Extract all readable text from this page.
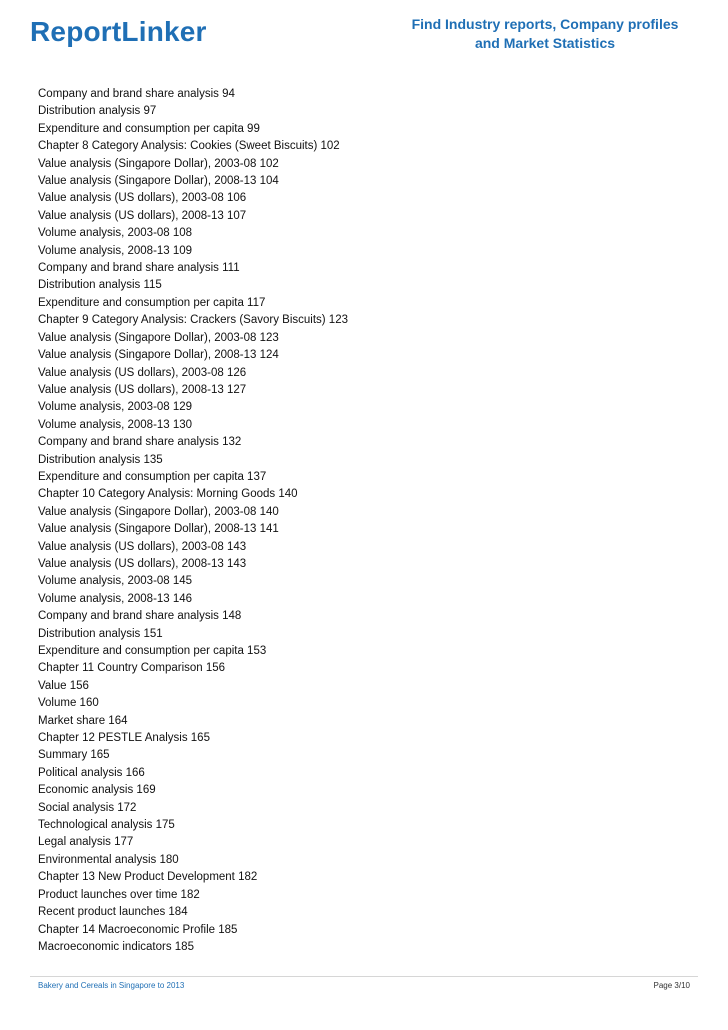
ReportLinker	Find Industry reports, Company profiles
and Market Statistics
Company and brand share analysis 94
Distribution analysis 97
Expenditure and consumption per capita 99
Chapter 8 Category Analysis: Cookies (Sweet Biscuits) 102
Value analysis (Singapore Dollar), 2003-08 102
Value analysis (Singapore Dollar), 2008-13 104
Value analysis (US dollars), 2003-08 106
Value analysis (US dollars), 2008-13 107
Volume analysis, 2003-08 108
Volume analysis, 2008-13 109
Company and brand share analysis 111
Distribution analysis 115
Expenditure and consumption per capita 117
Chapter 9 Category Analysis: Crackers (Savory Biscuits) 123
Value analysis (Singapore Dollar), 2003-08 123
Value analysis (Singapore Dollar), 2008-13 124
Value analysis (US dollars), 2003-08 126
Value analysis (US dollars), 2008-13 127
Volume analysis, 2003-08 129
Volume analysis, 2008-13 130
Company and brand share analysis 132
Distribution analysis 135
Expenditure and consumption per capita 137
Chapter 10 Category Analysis: Morning Goods 140
Value analysis (Singapore Dollar), 2003-08 140
Value analysis (Singapore Dollar), 2008-13 141
Value analysis (US dollars), 2003-08 143
Value analysis (US dollars), 2008-13 143
Volume analysis, 2003-08 145
Volume analysis, 2008-13 146
Company and brand share analysis 148
Distribution analysis 151
Expenditure and consumption per capita 153
Chapter 11 Country Comparison 156
Value 156
Volume 160
Market share 164
Chapter 12 PESTLE Analysis 165
Summary 165
Political analysis 166
Economic analysis 169
Social analysis 172
Technological analysis 175
Legal analysis 177
Environmental analysis 180
Chapter 13 New Product Development 182
Product launches over time 182
Recent product launches 184
Chapter 14 Macroeconomic Profile 185
Macroeconomic indicators 185
Bakery and Cereals in Singapore to 2013	Page 3/10
